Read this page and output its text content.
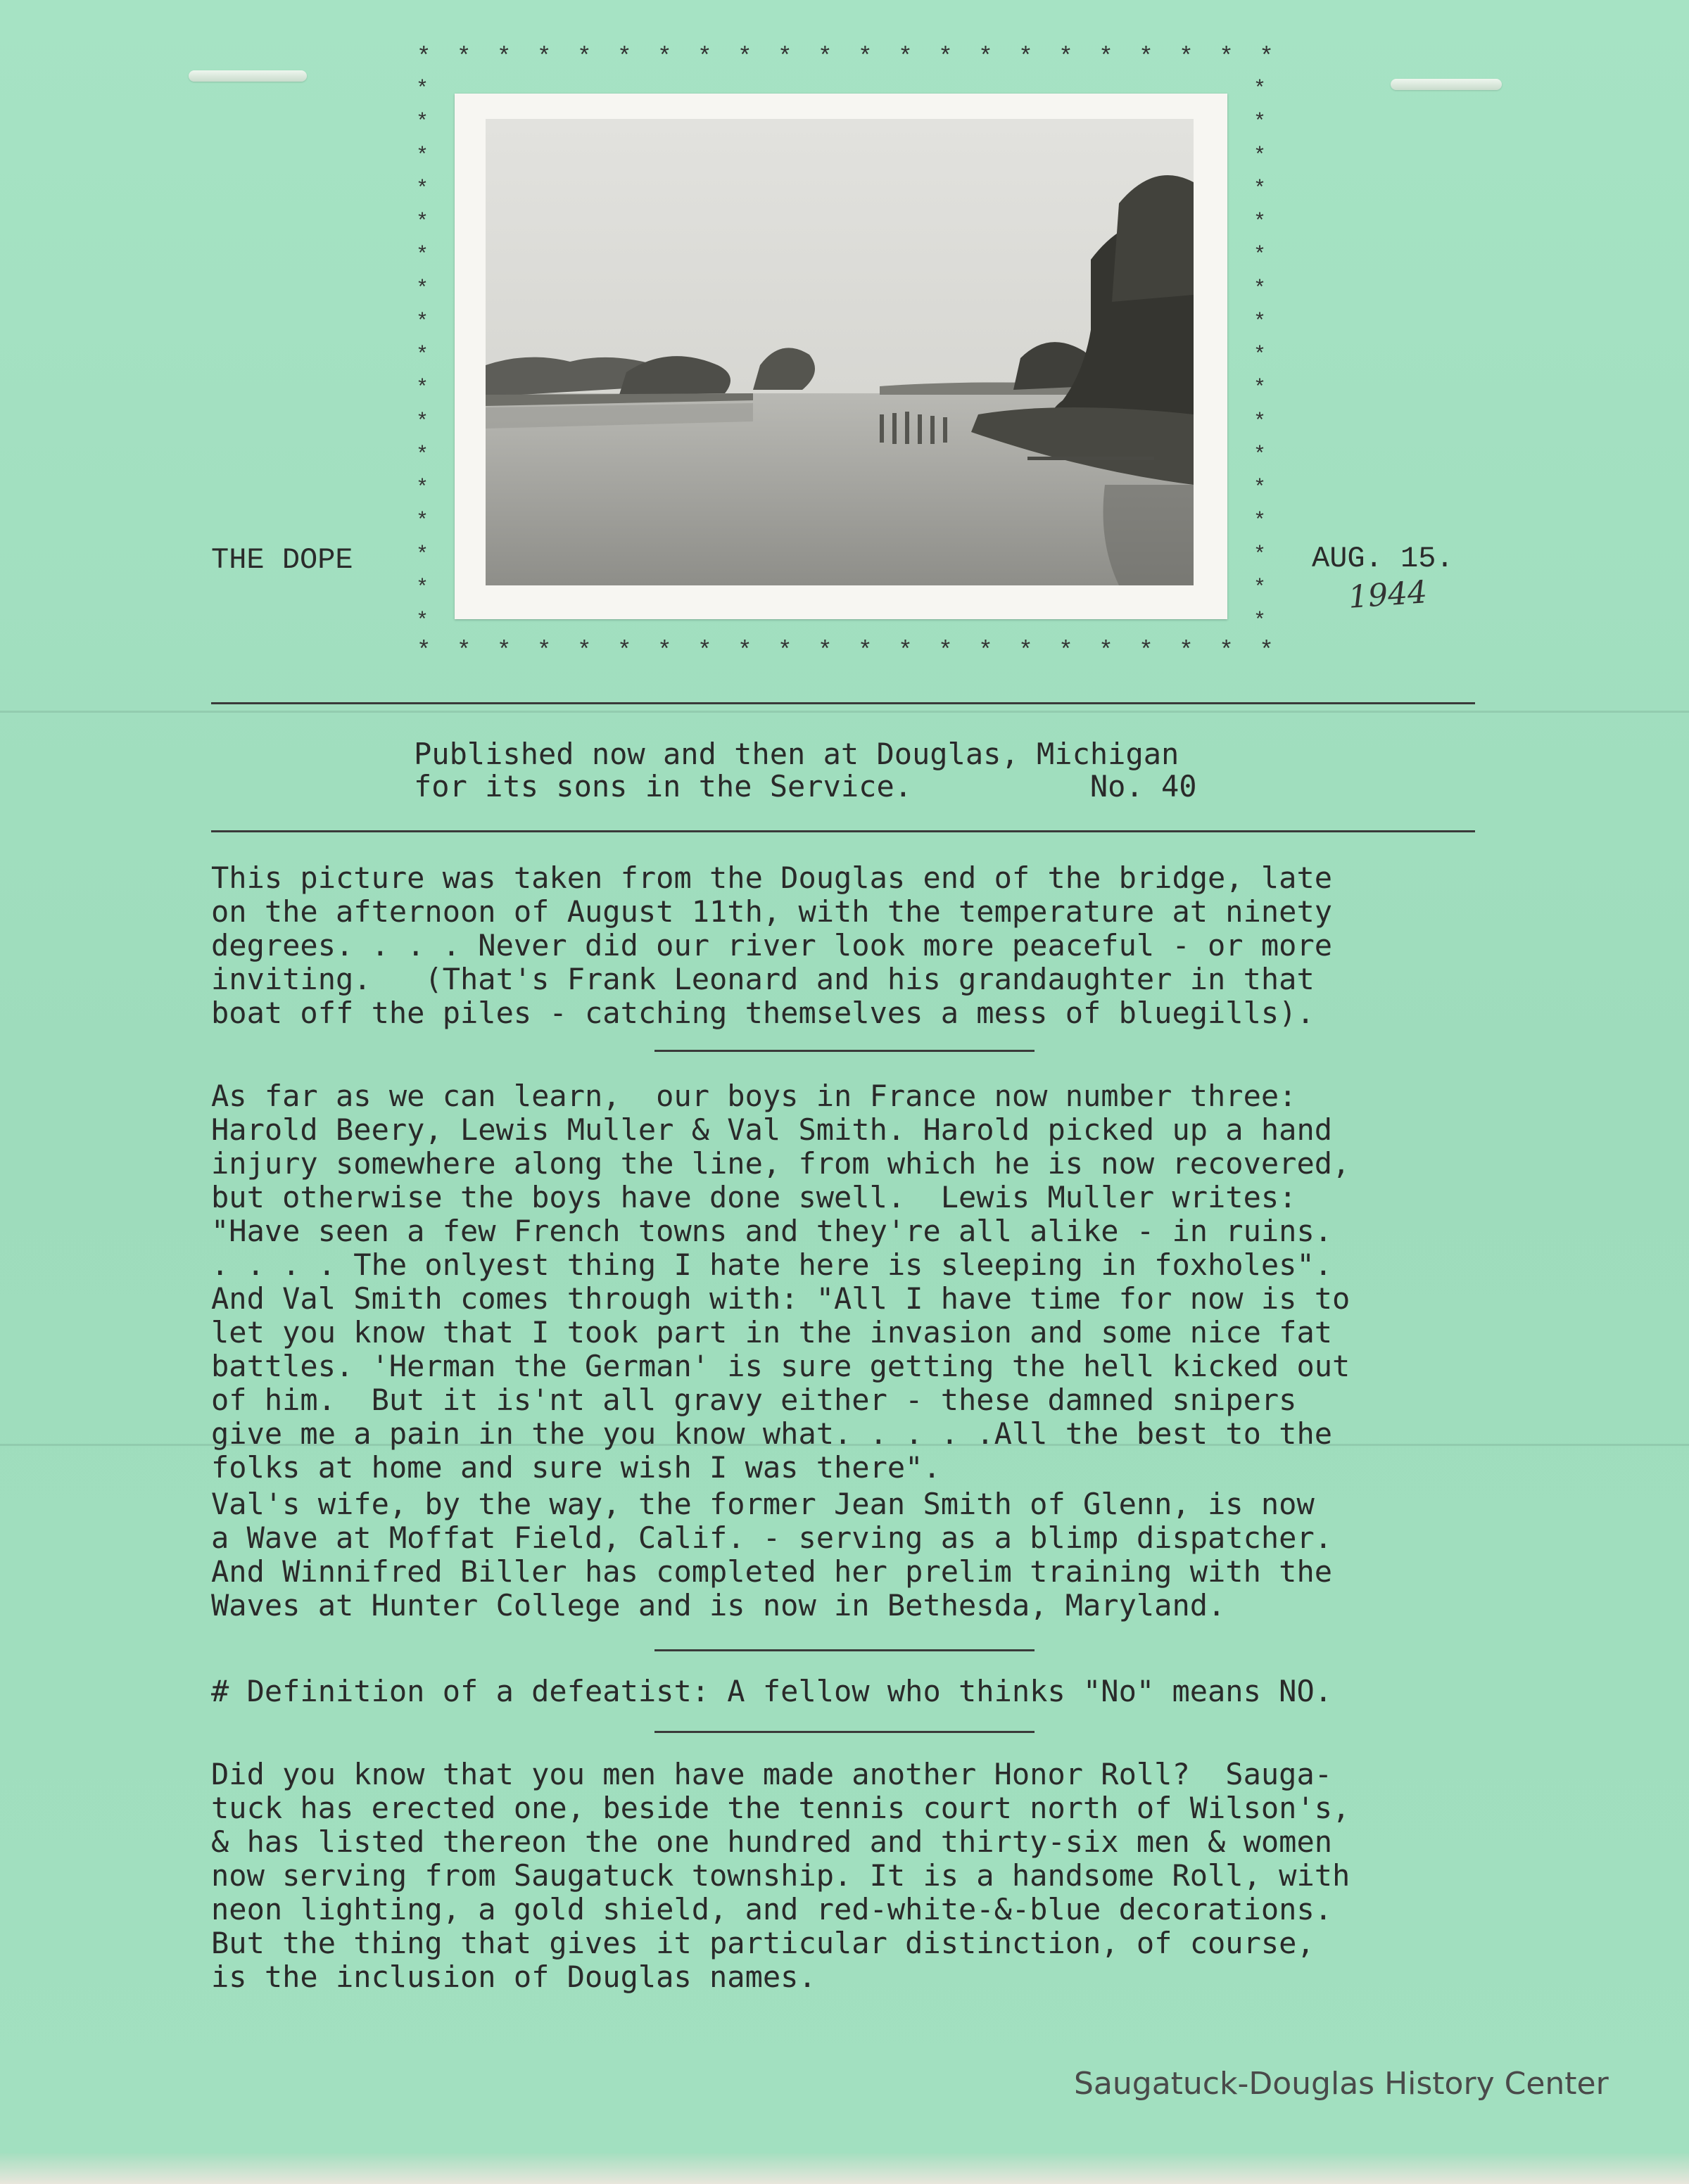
* * * * * * * * * * * * * * * * * * * * * *
* * * * * * * * * * * * * * * * * * * * * *
*
*
*
*
*
*
*
*
*
*
*
*
*
*
*
*
*
*
*
*
*
*
*
*
*
*
*
*
*
*
*
*
*
*
THE DOPE	AUG. 15.
1944
Published now and then at Douglas, Michigan
for its sons in the Service.          No. 40
This picture was taken from the Douglas end of the bridge, late
on the afternoon of August 11th, with the temperature at ninety
degrees. . . . Never did our river look more peaceful - or more
inviting.   (That's Frank Leonard and his grandaughter in that
boat off the piles - catching themselves a mess of bluegills).
As far as we can learn,  our boys in France now number three:
Harold Beery, Lewis Muller & Val Smith. Harold picked up a hand
injury somewhere along the line, from which he is now recovered,
but otherwise the boys have done swell.  Lewis Muller writes:
"Have seen a few French towns and they're all alike - in ruins.
. . . . The onlyest thing I hate here is sleeping in foxholes".
And Val Smith comes through with: "All I have time for now is to
let you know that I took part in the invasion and some nice fat
battles. 'Herman the German' is sure getting the hell kicked out
of him.  But it is'nt all gravy either - these damned snipers
give me a pain in the you know what. . . . .All the best to the
folks at home and sure wish I was there".
Val's wife, by the way, the former Jean Smith of Glenn, is now
a Wave at Moffat Field, Calif. - serving as a blimp dispatcher.
And Winnifred Biller has completed her prelim training with the
Waves at Hunter College and is now in Bethesda, Maryland.
# Definition of a defeatist: A fellow who thinks "No" means NO.
Did you know that you men have made another Honor Roll?  Sauga-
tuck has erected one, beside the tennis court north of Wilson's,
& has listed thereon the one hundred and thirty-six men & women
now serving from Saugatuck township. It is a handsome Roll, with
neon lighting, a gold shield, and red-white-&-blue decorations.
But the thing that gives it particular distinction, of course,
is the inclusion of Douglas names.
Saugatuck-Douglas History Center
